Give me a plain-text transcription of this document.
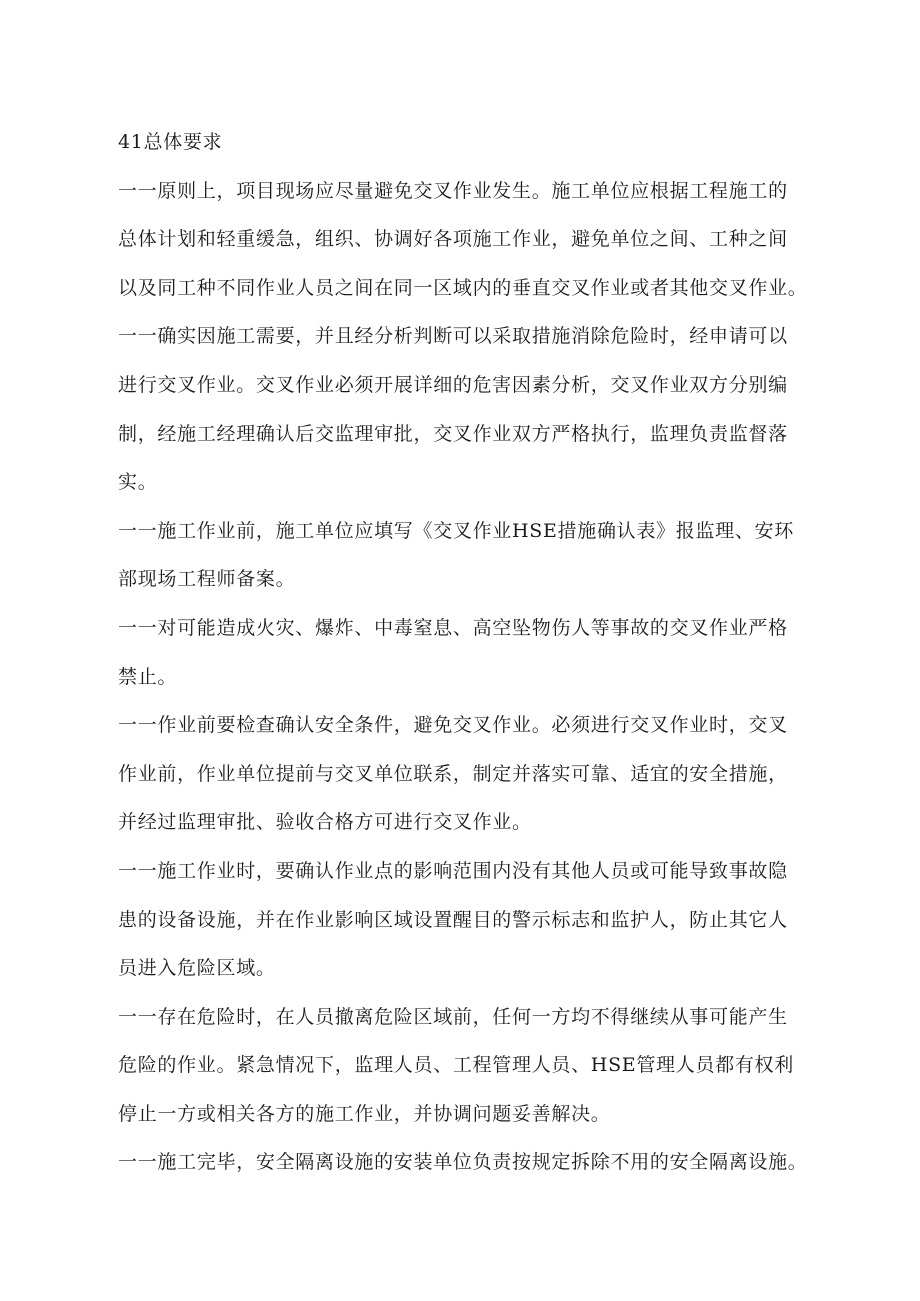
41总体要求
一一原则上，项目现场应尽量避免交叉作业发生。施工单位应根据工程施工的
总体计划和轻重缓急，组织、协调好各项施工作业，避免单位之间、工种之间
以及同工种不同作业人员之间在同一区域内的垂直交叉作业或者其他交叉作业。
一一确实因施工需要，并且经分析判断可以采取措施消除危险时，经申请可以
进行交叉作业。交叉作业必须开展详细的危害因素分析，交叉作业双方分别编
制，经施工经理确认后交监理审批，交叉作业双方严格执行，监理负责监督落
实。
一一施工作业前，施工单位应填写《交叉作业HSE措施确认表》报监理、安环
部现场工程师备案。
一一对可能造成火灾、爆炸、中毒窒息、高空坠物伤人等事故的交叉作业严格
禁止。
一一作业前要检查确认安全条件，避免交叉作业。必须进行交叉作业时，交叉
作业前，作业单位提前与交叉单位联系，制定并落实可靠、适宜的安全措施，
并经过监理审批、验收合格方可进行交叉作业。
一一施工作业时，要确认作业点的影响范围内没有其他人员或可能导致事故隐
患的设备设施，并在作业影响区域设置醒目的警示标志和监护人，防止其它人
员进入危险区域。
一一存在危险时，在人员撤离危险区域前，任何一方均不得继续从事可能产生
危险的作业。紧急情况下，监理人员、工程管理人员、HSE管理人员都有权利
停止一方或相关各方的施工作业，并协调问题妥善解决。
一一施工完毕，安全隔离设施的安装单位负责按规定拆除不用的安全隔离设施。
